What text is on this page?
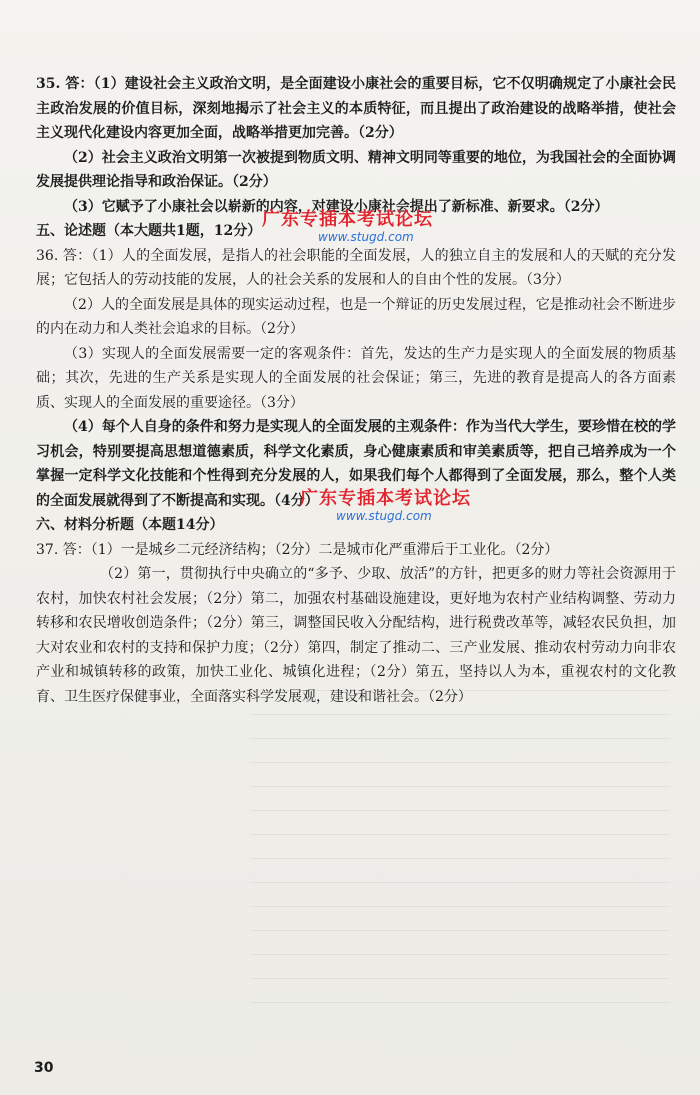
35. 答：（1）建设社会主义政治文明，是全面建设小康社会的重要目标，它不仅明确规定了小康社会民主政治发展的价值目标，深刻地揭示了社会主义的本质特征，而且提出了政治建设的战略举措，使社会主义现代化建设内容更加全面，战略举措更加完善。（2分）

（2）社会主义政治文明第一次被提到物质文明、精神文明同等重要的地位，为我国社会的全面协调发展提供理论指导和政治保证。（2分）

（3）它赋予了小康社会以崭新的内容，对建设小康社会提出了新标准、新要求。（2分）

五、论述题（本大题共1题，12分）

36. 答：（1）人的全面发展，是指人的社会职能的全面发展，人的独立自主的发展和人的天赋的充分发展；它包括人的劳动技能的发展，人的社会关系的发展和人的自由个性的发展。（3分）

（2）人的全面发展是具体的现实运动过程，也是一个辩证的历史发展过程，它是推动社会不断进步的内在动力和人类社会追求的目标。（2分）

（3）实现人的全面发展需要一定的客观条件：首先，发达的生产力是实现人的全面发展的物质基础；其次，先进的生产关系是实现人的全面发展的社会保证；第三，先进的教育是提高人的各方面素质、实现人的全面发展的重要途径。（3分）

（4）每个人自身的条件和努力是实现人的全面发展的主观条件：作为当代大学生，要珍惜在校的学习机会，特别要提高思想道德素质，科学文化素质，身心健康素质和审美素质等，把自己培养成为一个掌握一定科学文化技能和个性得到充分发展的人，如果我们每个人都得到了全面发展，那么，整个人类的全面发展就得到了不断提高和实现。（4分）

六、材料分析题（本题14分）

37. 答：（1）一是城乡二元经济结构；（2分）二是城市化严重滞后于工业化。（2分）

（2）第一，贯彻执行中央确立的“多予、少取、放活”的方针，把更多的财力等社会资源用于农村，加快农村社会发展；（2分）第二，加强农村基础设施建设，更好地为农村产业结构调整、劳动力转移和农民增收创造条件；（2分）第三，调整国民收入分配结构，进行税费改革等，减轻农民负担，加大对农业和农村的支持和保护力度；（2分）第四，制定了推动二、三产业发展、推动农村劳动力向非农产业和城镇转移的政策，加快工业化、城镇化进程；（2分）第五，坚持以人为本，重视农村的文化教育、卫生医疗保健事业，全面落实科学发展观，建设和谐社会。（2分）

广东专插本考试论坛
www.stugd.com
广东专插本考试论坛
www.stugd.com
30
